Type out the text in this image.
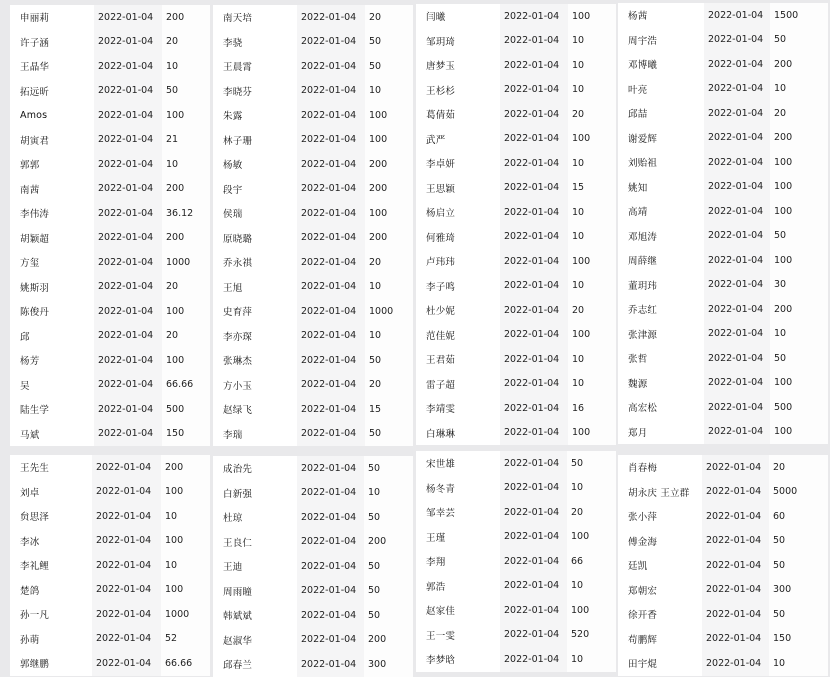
申丽莉	2022-01-04	200
许子涵	2022-01-04	20
王晶华	2022-01-04	10
拓远昕	2022-01-04	50
Amos	2022-01-04	100
胡寅君	2022-01-04	21
郭郭	2022-01-04	10
南茜	2022-01-04	200
李伟涛	2022-01-04	36.12
胡颖超	2022-01-04	200
方玺	2022-01-04	1000
姚斯羽	2022-01-04	20
陈俊丹	2022-01-04	100
邱	2022-01-04	20
杨芳	2022-01-04	100
吴	2022-01-04	66.66
陆生学	2022-01-04	500
马斌	2022-01-04	150
南天培	2022-01-04	20
李骁	2022-01-04	50
王晨霄	2022-01-04	50
李晓芬	2022-01-04	10
朱露	2022-01-04	100
林子珊	2022-01-04	100
杨敏	2022-01-04	200
段宇	2022-01-04	200
侯瑞	2022-01-04	100
原晓璐	2022-01-04	200
乔永祺	2022-01-04	20
王旭	2022-01-04	10
史育萍	2022-01-04	1000
李亦琛	2022-01-04	10
张琳杰	2022-01-04	50
方小玉	2022-01-04	20
赵绿飞	2022-01-04	15
李瑞	2022-01-04	50
闫曦	2022-01-04	100
邹玥琦	2022-01-04	10
唐梦玉	2022-01-04	10
王杉杉	2022-01-04	10
葛倩茹	2022-01-04	20
武严	2022-01-04	100
李卓妍	2022-01-04	10
王思颖	2022-01-04	15
杨启立	2022-01-04	10
何雅琦	2022-01-04	10
卢玮玮	2022-01-04	100
李子鸣	2022-01-04	10
杜少妮	2022-01-04	20
范佳妮	2022-01-04	100
王君茹	2022-01-04	10
雷子超	2022-01-04	10
李靖雯	2022-01-04	16
白琳琳	2022-01-04	100
杨茜	2022-01-04	1500
周宇浩	2022-01-04	50
邓博曦	2022-01-04	200
叶亮	2022-01-04	10
邱喆	2022-01-04	20
谢爱辉	2022-01-04	200
刘贻祖	2022-01-04	100
姚知	2022-01-04	100
高靖	2022-01-04	100
邓旭涛	2022-01-04	50
周薛继	2022-01-04	100
董玥玮	2022-01-04	30
乔志红	2022-01-04	200
张津源	2022-01-04	10
张哲	2022-01-04	50
魏源	2022-01-04	100
高宏松	2022-01-04	500
郑月	2022-01-04	100
王先生	2022-01-04	200
刘卓	2022-01-04	100
贠思泽	2022-01-04	10
李冰	2022-01-04	100
李礼鲤	2022-01-04	10
楚鸽	2022-01-04	100
孙一凡	2022-01-04	1000
孙萌	2022-01-04	52
郭继鹏	2022-01-04	66.66
成治先	2022-01-04	50
白新强	2022-01-04	10
杜琼	2022-01-04	50
王良仁	2022-01-04	200
王迪	2022-01-04	50
周雨瞳	2022-01-04	50
韩斌斌	2022-01-04	50
赵淑华	2022-01-04	200
邱春兰	2022-01-04	300
宋世雄	2022-01-04	50
杨冬青	2022-01-04	10
邹幸芸	2022-01-04	20
王瑾	2022-01-04	100
李翔	2022-01-04	66
郭浩	2022-01-04	10
赵家佳	2022-01-04	100
王一雯	2022-01-04	520
李梦晗	2022-01-04	10
肖春梅	2022-01-04	20
胡永庆 王立群	2022-01-04	5000
张小萍	2022-01-04	60
傅金海	2022-01-04	50
廷凯	2022-01-04	50
郑朝宏	2022-01-04	300
徐开香	2022-01-04	50
苟鹏辉	2022-01-04	150
田宇焜	2022-01-04	10
